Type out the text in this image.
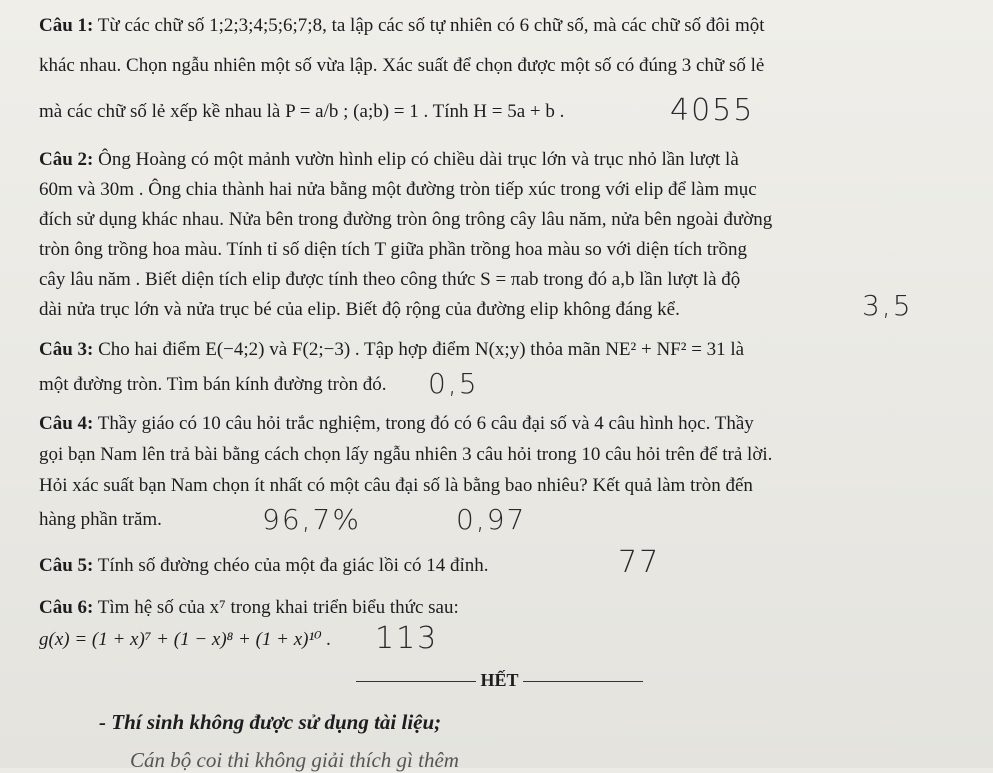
Câu 1: Từ các chữ số 1;2;3;4;5;6;7;8, ta lập các số tự nhiên có 6 chữ số, mà các chữ số đôi một
khác nhau. Chọn ngẫu nhiên một số vừa lập. Xác suất để chọn được một số có đúng 3 chữ số lẻ
mà các chữ số lẻ xếp kề nhau là P = a/b ; (a;b) = 1 . Tính H = 5a + b .	4055
Câu 2: Ông Hoàng có một mảnh vườn hình elip có chiều dài trục lớn và trục nhỏ lần lượt là
60m và 30m . Ông chia thành hai nửa bằng một đường tròn tiếp xúc trong với elip để làm mục
đích sử dụng khác nhau. Nửa bên trong đường tròn ông trông cây lâu năm, nửa bên ngoài đường
tròn ông trồng hoa màu. Tính tỉ số diện tích T giữa phần trồng hoa màu so với diện tích trồng
cây lâu năm . Biết diện tích elip được tính theo công thức S = πab trong đó a,b lần lượt là độ
dài nửa trục lớn và nửa trục bé của elip. Biết độ rộng của đường elip không đáng kể.	3,5
Câu 3: Cho hai điểm E(−4;2) và F(2;−3) . Tập hợp điểm N(x;y) thỏa mãn NE² + NF² = 31 là
một đường tròn. Tìm bán kính đường tròn đó. 0,5
Câu 4: Thầy giáo có 10 câu hỏi trắc nghiệm, trong đó có 6 câu đại số và 4 câu hình học. Thầy
gọi bạn Nam lên trả bài bằng cách chọn lấy ngẫu nhiên 3 câu hỏi trong 10 câu hỏi trên để trả lời.
Hỏi xác suất bạn Nam chọn ít nhất có một câu đại số là bằng bao nhiêu? Kết quả làm tròn đến
hàng phần trăm.	96,7%	0,97
Câu 5: Tính số đường chéo của một đa giác lồi có 14 đỉnh.	77
Câu 6: Tìm hệ số của x⁷ trong khai triển biểu thức sau:
g(x) = (1 + x)⁷ + (1 − x)⁸ + (1 + x)¹⁰ . 113
HẾT
- Thí sinh không được sử dụng tài liệu;
Cán bộ coi thi không giải thích gì thêm
